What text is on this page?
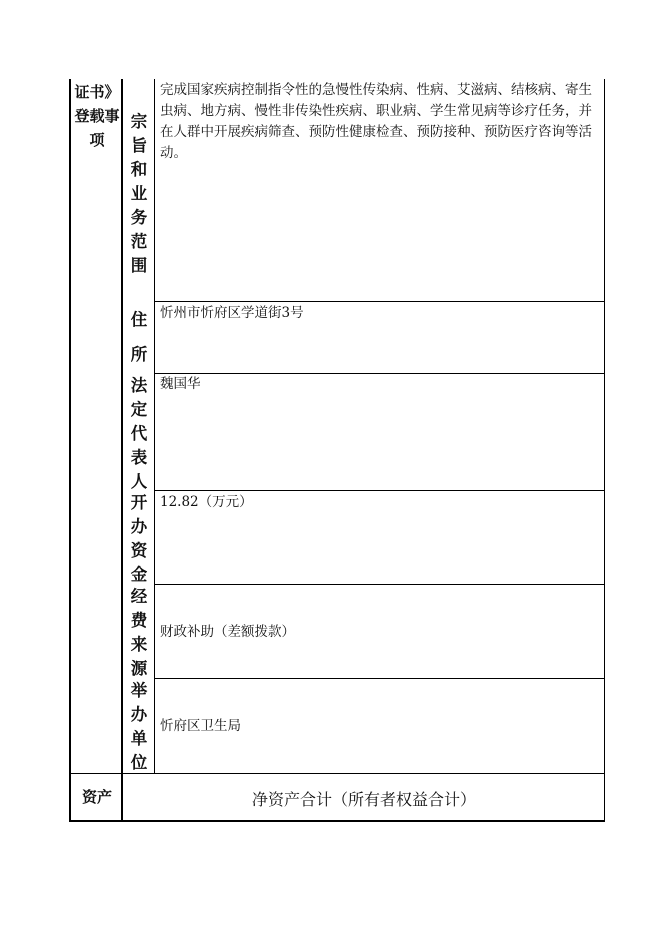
证书》登载事项
宗
旨
和
业
务
范
围
住
所
法
定
代
表
人
开
办
资
金
经
费
来
源
举
办
单
位
完成国家疾病控制指令性的急慢性传染病、性病、艾滋病、结核病、寄生虫病、地方病、慢性非传染性疾病、职业病、学生常见病等诊疗任务，并在人群中开展疾病筛查、预防性健康检查、预防接种、预防医疗咨询等活动。
忻州市忻府区学道街3号
魏国华
12.82（万元）
财政补助（差额拨款）
忻府区卫生局
资产	净资产合计（所有者权益合计）
